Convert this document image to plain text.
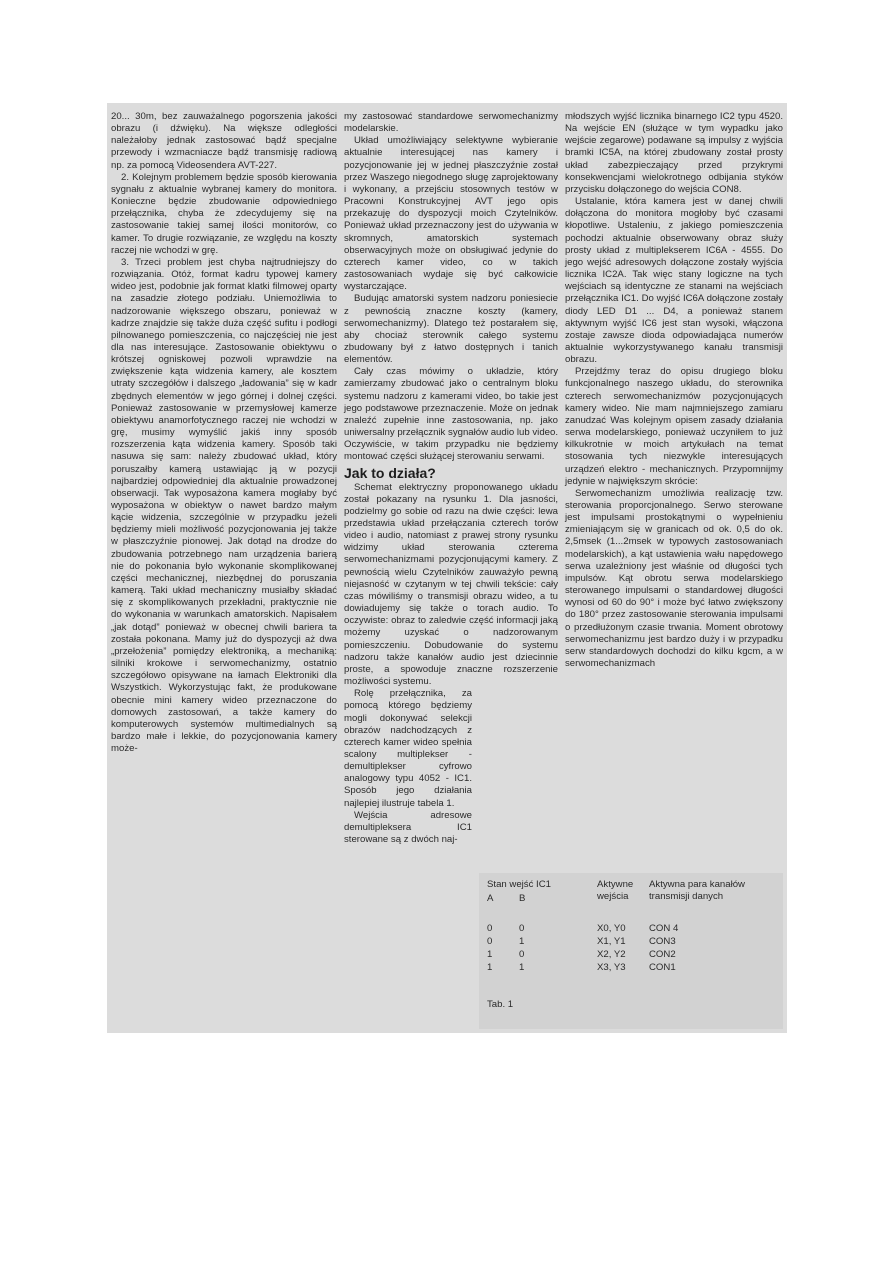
20... 30m, bez zauważalnego pogorszenia jakości obrazu (i dźwięku). Na większe odległości należałoby jednak zastosować bądź specjalne przewody i wzmacniacze bądź transmisję radiową np. za pomocą Videosendera AVT-227.

2. Kolejnym problemem będzie sposób kierowania sygnału z aktualnie wybranej kamery do monitora. Konieczne będzie zbudowanie odpowiedniego przełącznika, chyba że zdecydujemy się na zastosowanie takiej samej ilości monitorów, co kamer. To drugie rozwiązanie, ze względu na koszty raczej nie wchodzi w grę.

3. Trzeci problem jest chyba najtrudniejszy do rozwiązania. Otóż, format kadru typowej kamery wideo jest, podobnie jak format klatki filmowej oparty na zasadzie złotego podziału. Uniemożliwia to nadzorowanie większego obszaru, ponieważ w kadrze znajdzie się także duża część sufitu i podłogi pilnowanego pomieszczenia, co najczęściej nie jest dla nas interesujące. Zastosowanie obiektywu o krótszej ogniskowej pozwoli wprawdzie na zwiększenie kąta widzenia kamery, ale kosztem utraty szczegółów i dalszego „ładowania” się w kadr zbędnych elementów w jego górnej i dolnej części. Ponieważ zastosowanie w przemysłowej kamerze obiektywu anamorfotycznego raczej nie wchodzi w grę, musimy wymyślić jakiś inny sposób rozszerzenia kąta widzenia kamery. Sposób taki nasuwa się sam: należy zbudować układ, który poruszałby kamerą ustawiając ją w pozycji najbardziej odpowiedniej dla aktualnie prowadzonej obserwacji. Tak wyposażona kamera mogłaby być wyposażona w obiektyw o nawet bardzo małym kącie widzenia, szczególnie w przypadku jeżeli będziemy mieli możliwość pozycjonowania jej także w płaszczyźnie pionowej. Jak dotąd na drodze do zbudowania potrzebnego nam urządzenia barierą nie do pokonania było wykonanie skomplikowanej części mechanicznej, niezbędnej do poruszania kamerą. Taki układ mechaniczny musiałby składać się z skomplikowanych przekładni, praktycznie nie do wykonania w warunkach amatorskich. Napisałem „jak dotąd” ponieważ w obecnej chwili bariera ta została pokonana. Mamy już do dyspozycji aż dwa „przełożenia” pomiędzy elektroniką, a mechaniką: silniki krokowe i serwomechanizmy, ostatnio szczegółowo opisywane na łamach Elektroniki dla Wszystkich. Wykorzystując fakt, że produkowane obecnie mini kamery wideo przeznaczone do domowych zastosowań, a także kamery do komputerowych systemów multimedialnych są bardzo małe i lekkie, do pozycjonowania kamery może-

my zastosować standardowe serwomechanizmy modelarskie.

Układ umożliwiający selektywne wybieranie aktualnie interesującej nas kamery i pozycjonowanie jej w jednej płaszczyźnie został przez Waszego niegodnego sługę zaprojektowany i wykonany, a przejściu stosownych testów w Pracowni Konstrukcyjnej AVT jego opis przekazuję do dyspozycji moich Czytelników. Ponieważ układ przeznaczony jest do używania w skromnych, amatorskich systemach obserwacyjnych może on obsługiwać jedynie do czterech kamer video, co w takich zastosowaniach wydaje się być całkowicie wystarczające.

Budując amatorski system nadzoru poniesiecie z pewnością znaczne koszty (kamery, serwomechanizmy). Dlatego też postarałem się, aby chociaż sterownik całego systemu zbudowany był z łatwo dostępnych i tanich elementów.

Cały czas mówimy o układzie, który zamierzamy zbudować jako o centralnym bloku systemu nadzoru z kamerami video, bo takie jest jego podstawowe przeznaczenie. Może on jednak znaleźć zupełnie inne zastosowania, np. jako uniwersalny przełącznik sygnałów audio lub video. Oczywiście, w takim przypadku nie będziemy montować części służącej sterowaniu serwami.

Jak to działa?

Schemat elektryczny proponowanego układu został pokazany na rysunku 1. Dla jasności, podzielmy go sobie od razu na dwie części: lewa przedstawia układ przełączania czterech torów video i audio, natomiast z prawej strony rysunku widzimy układ sterowania czterema serwomechanizmami pozycjonującymi kamery. Z pewnością wielu Czytelników zauważyło pewną niejasność w czytanym w tej chwili tekście: cały czas mówiliśmy o transmisji obrazu wideo, a tu dowiadujemy się także o torach audio. To oczywiste: obraz to zaledwie część informacji jaką możemy uzyskać o nadzorowanym pomieszczeniu. Dobudowanie do systemu nadzoru także kanałów audio jest dziecinnie proste, a spowoduje znaczne rozszerzenie możliwości systemu.

Rolę przełącznika, za pomocą którego będziemy mogli dokonywać selekcji obrazów nadchodzących z czterech kamer wideo spełnia scalony multiplekser - demultiplekser cyfrowo analogowy typu 4052 - IC1. Sposób jego działania najlepiej ilustruje tabela 1.

Wejścia adresowe demultipleksera IC1 sterowane są z dwóch naj-

młodszych wyjść licznika binarnego IC2 typu 4520. Na wejście EN (służące w tym wypadku jako wejście zegarowe) podawane są impulsy z wyjścia bramki IC5A, na której zbudowany został prosty układ zabezpieczający przed przykrymi konsekwencjami wielokrotnego odbijania styków przycisku dołączonego do wejścia CON8.

Ustalanie, która kamera jest w danej chwili dołączona do monitora mogłoby być czasami kłopotliwe. Ustaleniu, z jakiego pomieszczenia pochodzi aktualnie obserwowany obraz służy prosty układ z multiplekserem IC6A - 4555. Do jego wejść adresowych dołączone zostały wyjścia licznika IC2A. Tak więc stany logiczne na tych wejściach są identyczne ze stanami na wejściach przełącznika IC1. Do wyjść IC6A dołączone zostały diody LED D1 ... D4, a ponieważ stanem aktywnym wyjść IC6 jest stan wysoki, włączona zostaje zawsze dioda odpowiadająca numerów aktualnie wykorzystywanego kanału transmisji obrazu.

Przejdźmy teraz do opisu drugiego bloku funkcjonalnego naszego układu, do sterownika czterech serwomechanizmów pozycjonujących kamery wideo. Nie mam najmniejszego zamiaru zanudzać Was kolejnym opisem zasady działania serwa modelarskiego, ponieważ uczyniłem to już kilkukrotnie w moich artykułach na temat stosowania tych niezwykle interesujących urządzeń elektro - mechanicznych. Przypomnijmy jedynie w największym skrócie:

Serwomechanizm umożliwia realizację tzw. sterowania proporcjonalnego. Serwo sterowane jest impulsami prostokątnymi o wypełnieniu zmieniającym się w granicach od ok. 0,5 do ok. 2,5msek (1...2msek w typowych zastosowaniach modelarskich), a kąt ustawienia wału napędowego serwa uzależniony jest właśnie od długości tych impulsów. Kąt obrotu serwa modelarskiego sterowanego impulsami o standardowej długości wynosi od 60 do 90° i może być łatwo zwiększony do 180° przez zastosowanie sterowania impulsami o przedłużonym czasie trwania. Moment obrotowy serwomechanizmu jest bardzo duży i w przypadku serw standardowych dochodzi do kilku kgcm, a w serwomechanizmach

Stan wejść IC1
A	B
Aktywne
wejścia
Aktywna para kanałów
transmisji danych
0	0	X0, Y0 CON 4
0	1	X1, Y1 CON3
1	0	X2, Y2 CON2
1	1	X3, Y3 CON1
Tab. 1
